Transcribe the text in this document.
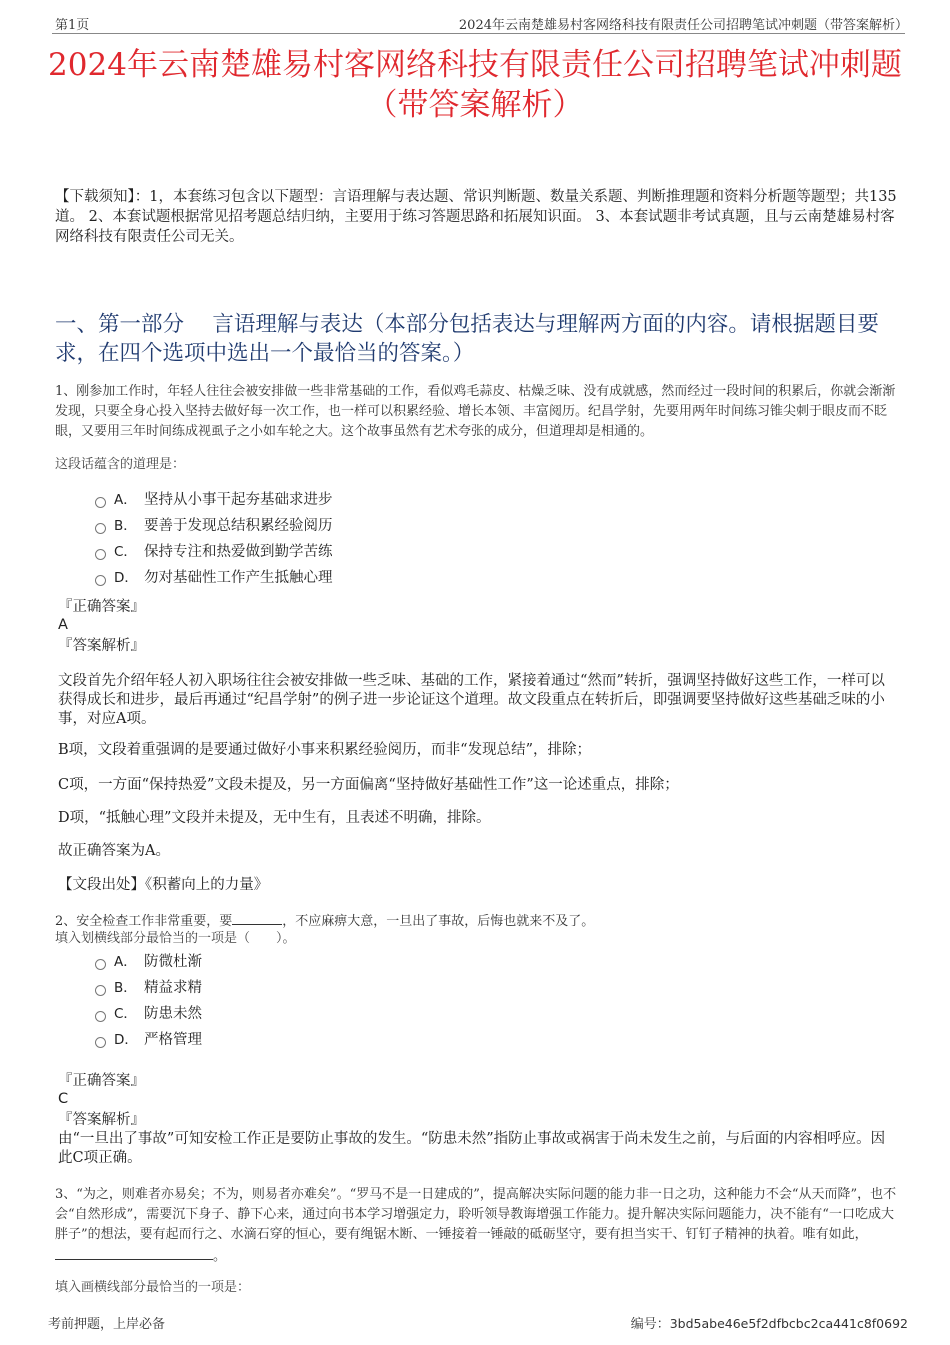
第1页	2024年云南楚雄易村客网络科技有限责任公司招聘笔试冲刺题（带答案解析）
2024年云南楚雄易村客网络科技有限责任公司招聘笔试冲刺题
（带答案解析）
【下载须知】：1，本套练习包含以下题型：言语理解与表达题、常识判断题、数量关系题、判断推理题和资料分析题等题型；共135道。 2、本套试题根据常见招考题总结归纳，主要用于练习答题思路和拓展知识面。 3、本套试题非考试真题，且与云南楚雄易村客网络科技有限责任公司无关。
一、第一部分　 言语理解与表达（本部分包括表达与理解两方面的内容。请根据题目要求，在四个选项中选出一个最恰当的答案。）
1、刚参加工作时，年轻人往往会被安排做一些非常基础的工作，看似鸡毛蒜皮、枯燥乏味、没有成就感，然而经过一段时间的积累后，你就会渐渐发现，只要全身心投入坚持去做好每一次工作，也一样可以积累经验、增长本领、丰富阅历。纪昌学射，先要用两年时间练习锥尖刺于眼皮而不眨眼，又要用三年时间练成视虱子之小如车轮之大。这个故事虽然有艺术夸张的成分，但道理却是相通的。
这段话蕴含的道理是：
A． 坚持从小事干起夯基础求进步
B． 要善于发现总结积累经验阅历
C． 保持专注和热爱做到勤学苦练
D． 勿对基础性工作产生抵触心理
『正确答案』
A
『答案解析』
文段首先介绍年轻人初入职场往往会被安排做一些乏味、基础的工作，紧接着通过“然而”转折，强调坚持做好这些工作，一样可以获得成长和进步，最后再通过“纪昌学射”的例子进一步论证这个道理。故文段重点在转折后，即强调要坚持做好这些基础乏味的小事，对应A项。
B项，文段着重强调的是要通过做好小事来积累经验阅历，而非“发现总结”，排除；
C项，一方面“保持热爱”文段未提及，另一方面偏离“坚持做好基础性工作”这一论述重点，排除；
D项，“抵触心理”文段并未提及，无中生有，且表述不明确，排除。
故正确答案为A。
【文段出处】《积蓄向上的力量》
2、安全检查工作非常重要，要	，不应麻痹大意，一旦出了事故，后悔也就来不及了。
填入划横线部分最恰当的一项是（　　）。
A． 防微杜渐
B． 精益求精
C． 防患未然
D． 严格管理
『正确答案』
C
『答案解析』
由“一旦出了事故”可知安检工作正是要防止事故的发生。“防患未然”指防止事故或祸害于尚未发生之前，与后面的内容相呼应。因此C项正确。
3、“为之，则难者亦易矣；不为，则易者亦难矣”。“罗马不是一日建成的”，提高解决实际问题的能力非一日之功，这种能力不会“从天而降”，也不会“自然形成”，需要沉下身子、静下心来，通过向书本学习增强定力，聆听领导教诲增强工作能力。提升解决实际问题能力，决不能有“一口吃成大胖子”的想法，要有起而行之、水滴石穿的恒心，要有绳锯木断、一锤接着一锤敲的砥砺坚守，要有担当实干、钉钉子精神的执着。唯有如此，。
填入画横线部分最恰当的一项是：
考前押题，上岸必备	编号：3bd5abe46e5f2dfbcbc2ca441c8f0692
